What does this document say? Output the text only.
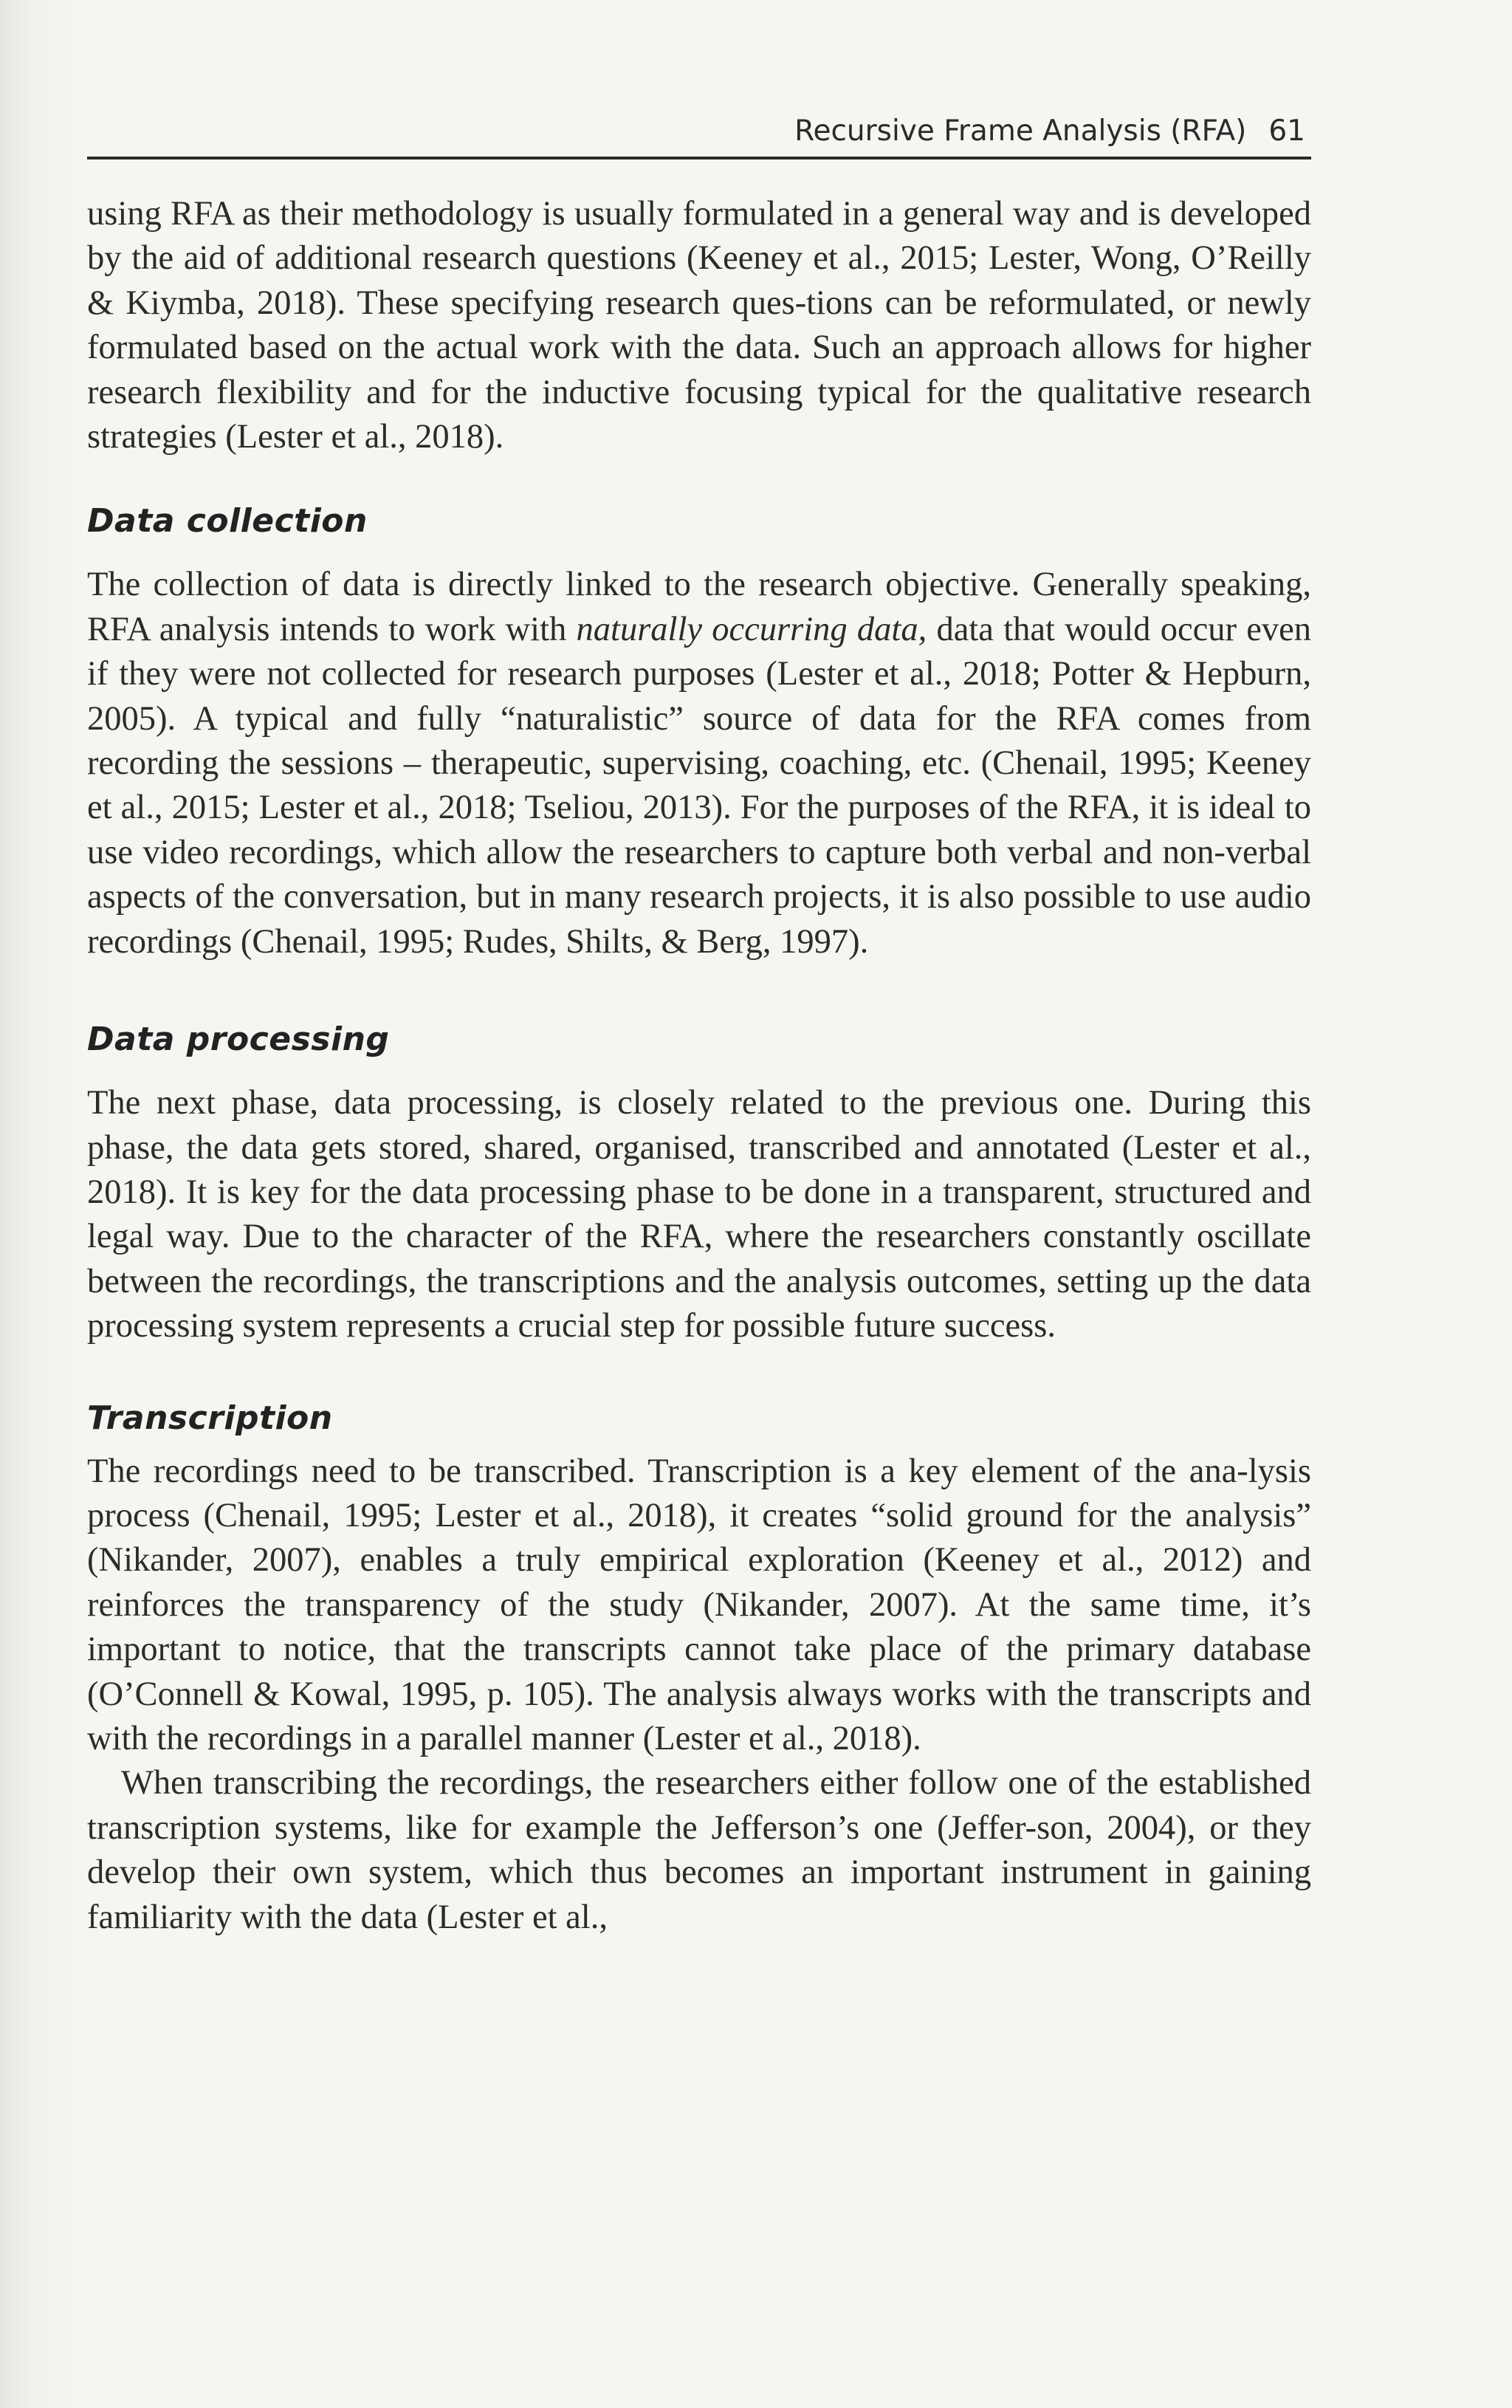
Recursive Frame Analysis (RFA) 61

using RFA as their methodology is usually formulated in a general way and is developed by the aid of additional research questions (Keeney et al., 2015; Lester, Wong, O’Reilly & Kiymba, 2018). These specifying research ques-tions can be reformulated, or newly formulated based on the actual work with the data. Such an approach allows for higher research flexibility and for the inductive focusing typical for the qualitative research strategies (Lester et al., 2018).

Data collection

The collection of data is directly linked to the research objective. Generally speaking, RFA analysis intends to work with naturally occurring data, data that would occur even if they were not collected for research purposes (Lester et al., 2018; Potter & Hepburn, 2005). A typical and fully “naturalistic” source of data for the RFA comes from recording the sessions – therapeutic, supervising, coaching, etc. (Chenail, 1995; Keeney et al., 2015; Lester et al., 2018; Tseliou, 2013). For the purposes of the RFA, it is ideal to use video recordings, which allow the researchers to capture both verbal and non-verbal aspects of the conversation, but in many research projects, it is also possible to use audio recordings (Chenail, 1995; Rudes, Shilts, & Berg, 1997).

Data processing

The next phase, data processing, is closely related to the previous one. During this phase, the data gets stored, shared, organised, transcribed and annotated (Lester et al., 2018). It is key for the data processing phase to be done in a transparent, structured and legal way. Due to the character of the RFA, where the researchers constantly oscillate between the recordings, the transcriptions and the analysis outcomes, setting up the data processing system represents a crucial step for possible future success.

Transcription

The recordings need to be transcribed. Transcription is a key element of the ana-lysis process (Chenail, 1995; Lester et al., 2018), it creates “solid ground for the analysis” (Nikander, 2007), enables a truly empirical exploration (Keeney et al., 2012) and reinforces the transparency of the study (Nikander, 2007). At the same time, it’s important to notice, that the transcripts cannot take place of the primary database (O’Connell & Kowal, 1995, p. 105). The analysis always works with the transcripts and with the recordings in a parallel manner (Lester et al., 2018).

When transcribing the recordings, the researchers either follow one of the established transcription systems, like for example the Jefferson’s one (Jeffer-son, 2004), or they develop their own system, which thus becomes an important instrument in gaining familiarity with the data (Lester et al.,
